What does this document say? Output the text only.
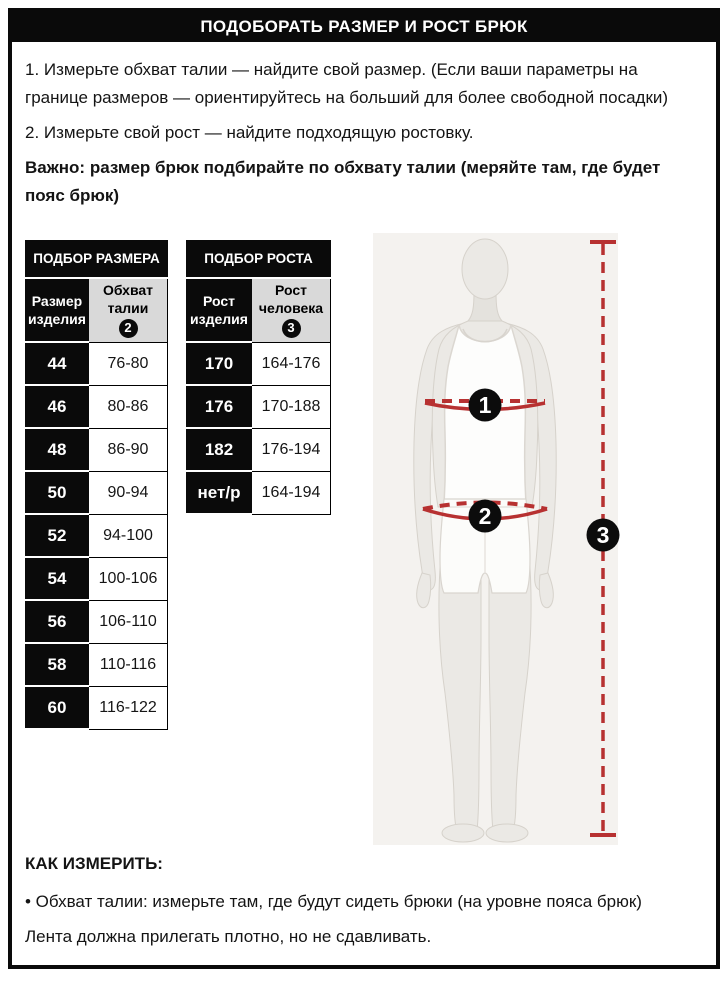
ПОДОБОРАТЬ РАЗМЕР И РОСТ БРЮК

1. Измерьте обхват талии — найдите свой размер. (Если ваши параметры на границе размеров — ориентируйтесь на больший для более свободной посадки)

2. Измерьте свой рост — найдите подходящую ростовку.

Важно: размер брюк подбирайте по обхвату талии (меряйте там, где будет пояс брюк)

ПОДБОР РАЗМЕРА	
Размер изделия	Обхват талии
2

44	76-80
46	80-86
48	86-90
50	90-94
52	94-100
54	100-106
56	106-110
58	110-116
60	116-122
ПОДБОР РОСТА	
Рост изделия	Рост человека
3

170	164-176
176	170-188
182	176-194
нет/р	164-194
1
2
3

КАК ИЗМЕРИТЬ:

• Обхват талии: измерьте там, где будут сидеть брюки (на уровне пояса брюк)

Лента должна прилегать плотно, но не сдавливать.
